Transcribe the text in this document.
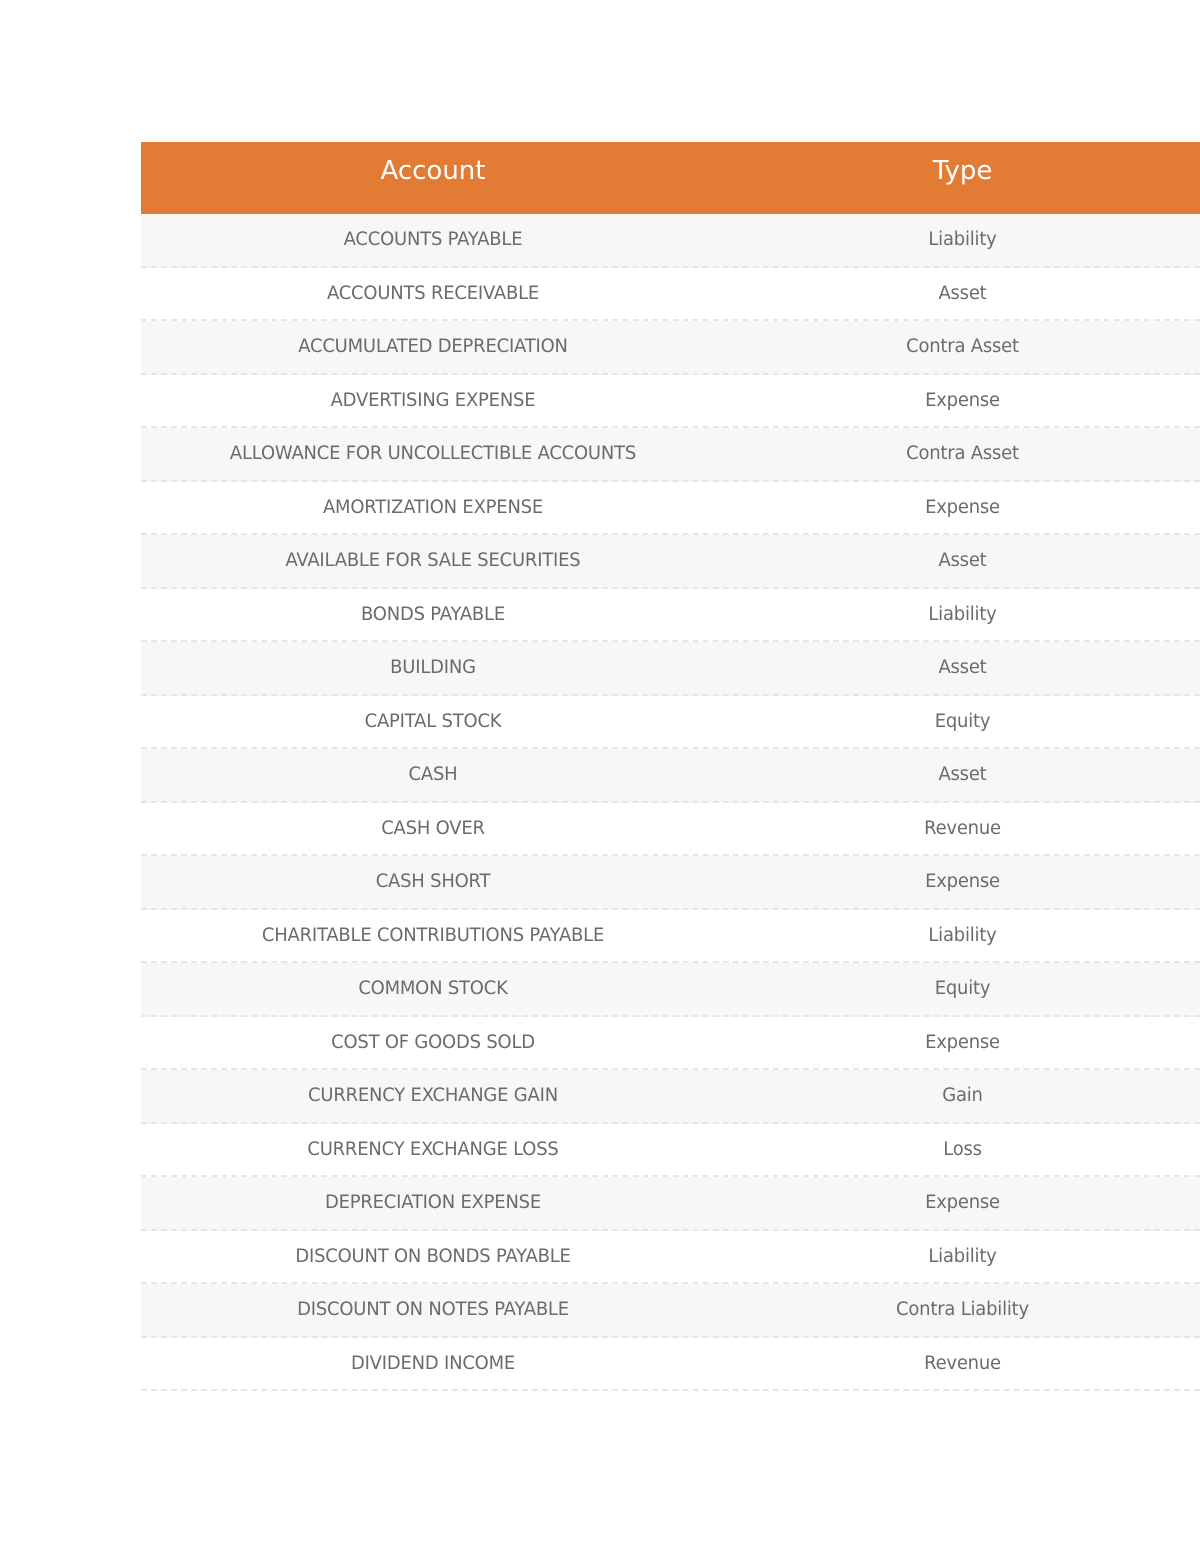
Account	Type
ACCOUNTS PAYABLE	Liability
ACCOUNTS RECEIVABLE	Asset
ACCUMULATED DEPRECIATION	Contra Asset
ADVERTISING EXPENSE	Expense
ALLOWANCE FOR UNCOLLECTIBLE ACCOUNTS	Contra Asset
AMORTIZATION EXPENSE	Expense
AVAILABLE FOR SALE SECURITIES	Asset
BONDS PAYABLE	Liability
BUILDING	Asset
CAPITAL STOCK	Equity
CASH	Asset
CASH OVER	Revenue
CASH SHORT	Expense
CHARITABLE CONTRIBUTIONS PAYABLE	Liability
COMMON STOCK	Equity
COST OF GOODS SOLD	Expense
CURRENCY EXCHANGE GAIN	Gain
CURRENCY EXCHANGE LOSS	Loss
DEPRECIATION EXPENSE	Expense
DISCOUNT ON BONDS PAYABLE	Liability
DISCOUNT ON NOTES PAYABLE	Contra Liability
DIVIDEND INCOME	Revenue
